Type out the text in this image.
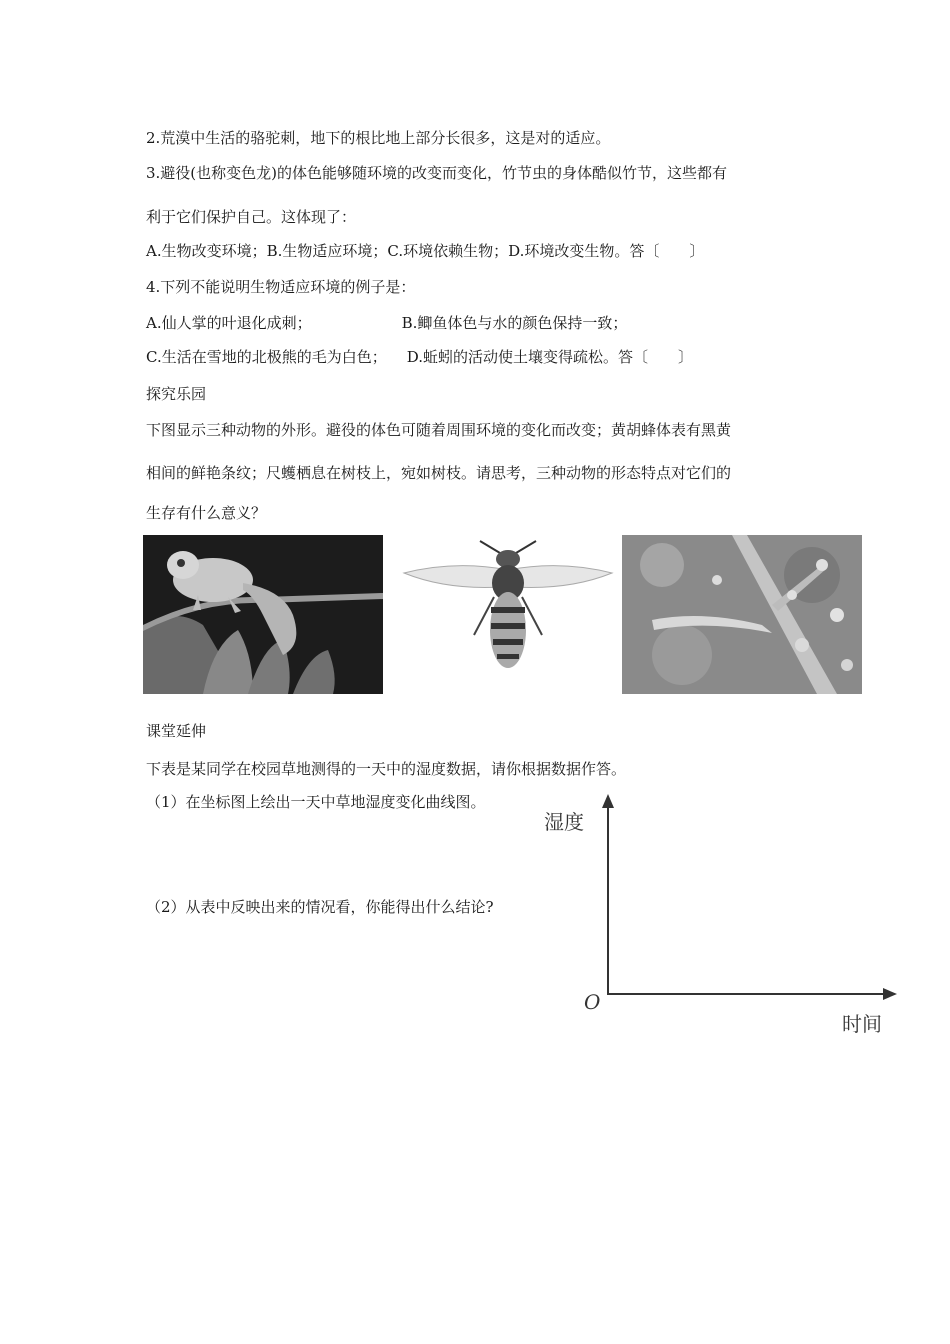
2.荒漠中生活的骆驼刺，地下的根比地上部分长很多，这是对的适应。
3.避役(也称变色龙)的体色能够随环境的改变而变化，竹节虫的身体酷似竹节，这些都有
利于它们保护自己。这体现了：
A.生物改变环境；B.生物适应环境；C.环境依赖生物；D.环境改变生物。答〔　　〕
4.下列不能说明生物适应环境的例子是：
A.仙人掌的叶退化成刺；	B.鲫鱼体色与水的颜色保持一致；
C.生活在雪地的北极熊的毛为白色； D.蚯蚓的活动使土壤变得疏松。答〔　　〕
探究乐园
下图显示三种动物的外形。避役的体色可随着周围环境的变化而改变；黄胡蜂体表有黑黄
相间的鲜艳条纹；尺蠖栖息在树枝上，宛如树枝。请思考，三种动物的形态特点对它们的
生存有什么意义？
课堂延伸
下表是某同学在校园草地测得的一天中的湿度数据，请你根据数据作答。
（1）在坐标图上绘出一天中草地湿度变化曲线图。
（2）从表中反映出来的情况看，你能得出什么结论?
湿度
O
时间
